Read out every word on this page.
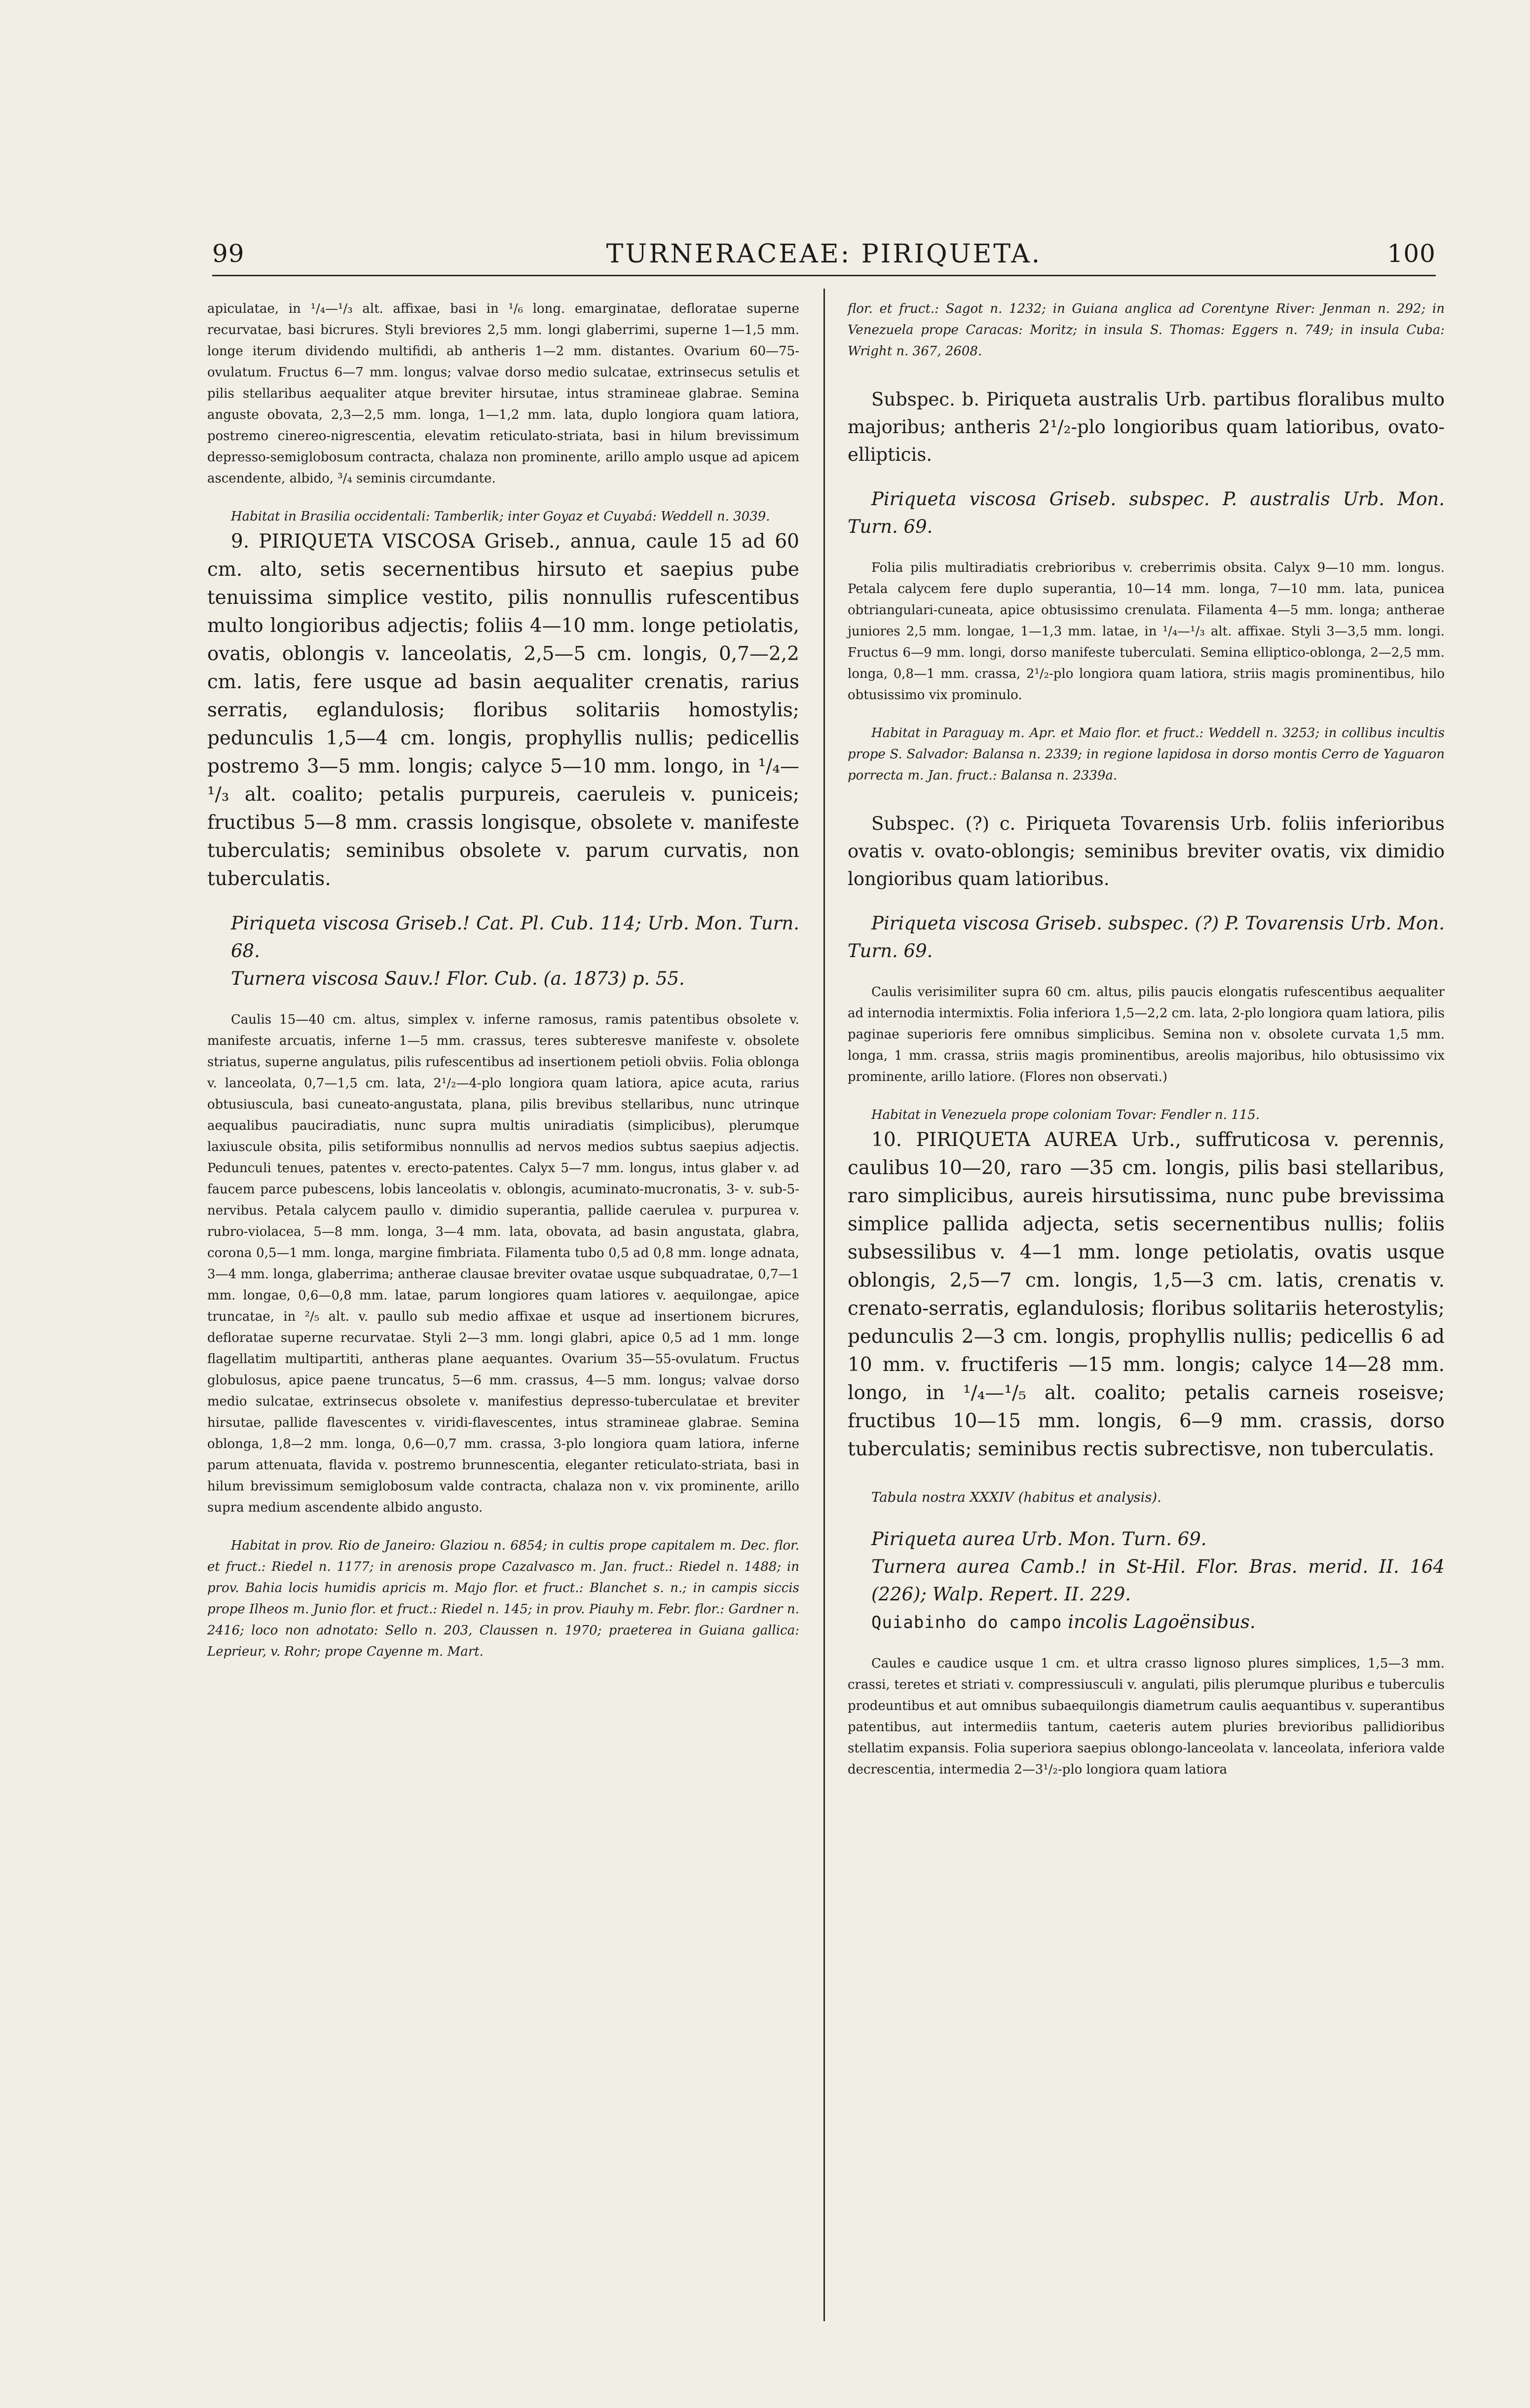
99	TURNERACEAE: PIRIQUETA.	100

apiculatae, in ¹/₄—¹/₃ alt. affixae, basi in ¹/₆ long. emarginatae, defloratae superne recurvatae, basi bicrures. Styli breviores 2,5 mm. longi glaberrimi, superne 1—1,5 mm. longe iterum dividendo multifidi, ab antheris 1—2 mm. distantes. Ovarium 60—75-ovulatum. Fructus 6—7 mm. longus; valvae dorso medio sulcatae, extrinsecus setulis et pilis stellaribus aequaliter atque breviter hirsutae, intus stramineae glabrae. Semina anguste obovata, 2,3—2,5 mm. longa, 1—1,2 mm. lata, duplo longiora quam latiora, postremo cinereo-nigrescentia, elevatim reticulato-striata, basi in hilum brevissimum depresso-semiglobosum contracta, chalaza non prominente, arillo amplo usque ad apicem ascendente, albido, ³/₄ seminis circumdante.

Habitat in Brasilia occidentali: Tamberlik; inter Goyaz et Cuyabá: Weddell n. 3039.

9. PIRIQUETA VISCOSA Griseb., annua, caule 15 ad 60 cm. alto, setis secernentibus hirsuto et saepius pube tenuissima simplice vestito, pilis nonnullis rufescentibus multo longioribus adjectis; foliis 4—10 mm. longe petiolatis, ovatis, oblongis v. lanceolatis, 2,5—5 cm. longis, 0,7—2,2 cm. latis, fere usque ad basin aequaliter crenatis, rarius serratis, eglandulosis; floribus solitariis homostylis; pedunculis 1,5—4 cm. longis, prophyllis nullis; pedicellis postremo 3—5 mm. longis; calyce 5—10 mm. longo, in ¹/₄—¹/₃ alt. coalito; petalis purpureis, caeruleis v. puniceis; fructibus 5—8 mm. crassis longisque, obsolete v. manifeste tuberculatis; seminibus obsolete v. parum curvatis, non tuberculatis.

Piriqueta viscosa Griseb.! Cat. Pl. Cub. 114; Urb. Mon. Turn. 68.

Turnera viscosa Sauv.! Flor. Cub. (a. 1873) p. 55.

Caulis 15—40 cm. altus, simplex v. inferne ramosus, ramis patentibus obsolete v. manifeste arcuatis, inferne 1—5 mm. crassus, teres subteresve manifeste v. obsolete striatus, superne angulatus, pilis rufescentibus ad insertionem petioli obviis. Folia oblonga v. lanceolata, 0,7—1,5 cm. lata, 2¹/₂—4-plo longiora quam latiora, apice acuta, rarius obtusiuscula, basi cuneato-angustata, plana, pilis brevibus stellaribus, nunc utrinque aequalibus pauciradiatis, nunc supra multis uniradiatis (simplicibus), plerumque laxiuscule obsita, pilis setiformibus nonnullis ad nervos medios subtus saepius adjectis. Pedunculi tenues, patentes v. erecto-patentes. Calyx 5—7 mm. longus, intus glaber v. ad faucem parce pubescens, lobis lanceolatis v. oblongis, acuminato-mucronatis, 3- v. sub-5-nervibus. Petala calycem paullo v. dimidio superantia, pallide caerulea v. purpurea v. rubro-violacea, 5—8 mm. longa, 3—4 mm. lata, obovata, ad basin angustata, glabra, corona 0,5—1 mm. longa, margine fimbriata. Filamenta tubo 0,5 ad 0,8 mm. longe adnata, 3—4 mm. longa, glaberrima; antherae clausae breviter ovatae usque subquadratae, 0,7—1 mm. longae, 0,6—0,8 mm. latae, parum longiores quam latiores v. aequilongae, apice truncatae, in ²/₅ alt. v. paullo sub medio affixae et usque ad insertionem bicrures, defloratae superne recurvatae. Styli 2—3 mm. longi glabri, apice 0,5 ad 1 mm. longe flagellatim multipartiti, antheras plane aequantes. Ovarium 35—55-ovulatum. Fructus globulosus, apice paene truncatus, 5—6 mm. crassus, 4—5 mm. longus; valvae dorso medio sulcatae, extrinsecus obsolete v. manifestius depresso-tuberculatae et breviter hirsutae, pallide flavescentes v. viridi-flavescentes, intus stramineae glabrae. Semina oblonga, 1,8—2 mm. longa, 0,6—0,7 mm. crassa, 3-plo longiora quam latiora, inferne parum attenuata, flavida v. postremo brunnescentia, eleganter reticulato-striata, basi in hilum brevissimum semiglobosum valde contracta, chalaza non v. vix prominente, arillo supra medium ascendente albido angusto.

Habitat in prov. Rio de Janeiro: Glaziou n. 6854; in cultis prope capitalem m. Dec. flor. et fruct.: Riedel n. 1177; in arenosis prope Cazalvasco m. Jan. fruct.: Riedel n. 1488; in prov. Bahia locis humidis apricis m. Majo flor. et fruct.: Blanchet s. n.; in campis siccis prope Ilheos m. Junio flor. et fruct.: Riedel n. 145; in prov. Piauhy m. Febr. flor.: Gardner n. 2416; loco non adnotato: Sello n. 203, Claussen n. 1970; praeterea in Guiana gallica: Leprieur, v. Rohr; prope Cayenne m. Mart.

flor. et fruct.: Sagot n. 1232; in Guiana anglica ad Corentyne River: Jenman n. 292; in Venezuela prope Caracas: Moritz; in insula S. Thomas: Eggers n. 749; in insula Cuba: Wright n. 367, 2608.

Subspec. b. Piriqueta australis Urb. partibus floralibus multo majoribus; antheris 2¹/₂-plo longioribus quam latioribus, ovato-ellipticis.

Piriqueta viscosa Griseb. subspec. P. australis Urb. Mon. Turn. 69.

Folia pilis multiradiatis crebrioribus v. creberrimis obsita. Calyx 9—10 mm. longus. Petala calycem fere duplo superantia, 10—14 mm. longa, 7—10 mm. lata, punicea obtriangulari-cuneata, apice obtusissimo crenulata. Filamenta 4—5 mm. longa; antherae juniores 2,5 mm. longae, 1—1,3 mm. latae, in ¹/₄—¹/₃ alt. affixae. Styli 3—3,5 mm. longi. Fructus 6—9 mm. longi, dorso manifeste tuberculati. Semina elliptico-oblonga, 2—2,5 mm. longa, 0,8—1 mm. crassa, 2¹/₂-plo longiora quam latiora, striis magis prominentibus, hilo obtusissimo vix prominulo.

Habitat in Paraguay m. Apr. et Maio flor. et fruct.: Weddell n. 3253; in collibus incultis prope S. Salvador: Balansa n. 2339; in regione lapidosa in dorso montis Cerro de Yaguaron porrecta m. Jan. fruct.: Balansa n. 2339a.

Subspec. (?) c. Piriqueta Tovarensis Urb. foliis inferioribus ovatis v. ovato-oblongis; seminibus breviter ovatis, vix dimidio longioribus quam latioribus.

Piriqueta viscosa Griseb. subspec. (?) P. Tovarensis Urb. Mon. Turn. 69.

Caulis verisimiliter supra 60 cm. altus, pilis paucis elongatis rufescentibus aequaliter ad internodia intermixtis. Folia inferiora 1,5—2,2 cm. lata, 2-plo longiora quam latiora, pilis paginae superioris fere omnibus simplicibus. Semina non v. obsolete curvata 1,5 mm. longa, 1 mm. crassa, striis magis prominentibus, areolis majoribus, hilo obtusissimo vix prominente, arillo latiore. (Flores non observati.)

Habitat in Venezuela prope coloniam Tovar: Fendler n. 115.

10. PIRIQUETA AUREA Urb., suffruticosa v. perennis, caulibus 10—20, raro —35 cm. longis, pilis basi stellaribus, raro simplicibus, aureis hirsutissima, nunc pube brevissima simplice pallida adjecta, setis secernentibus nullis; foliis subsessilibus v. 4—1 mm. longe petiolatis, ovatis usque oblongis, 2,5—7 cm. longis, 1,5—3 cm. latis, crenatis v. crenato-serratis, eglandulosis; floribus solitariis heterostylis; pedunculis 2—3 cm. longis, prophyllis nullis; pedicellis 6 ad 10 mm. v. fructiferis —15 mm. longis; calyce 14—28 mm. longo, in ¹/₄—¹/₅ alt. coalito; petalis carneis roseisve; fructibus 10—15 mm. longis, 6—9 mm. crassis, dorso tuberculatis; seminibus rectis subrectisve, non tuberculatis.

Tabula nostra XXXIV (habitus et analysis).

Piriqueta aurea Urb. Mon. Turn. 69.

Turnera aurea Camb.! in St-Hil. Flor. Bras. merid. II. 164 (226); Walp. Repert. II. 229.

Quiabinho do campo incolis Lagoënsibus.

Caules e caudice usque 1 cm. et ultra crasso lignoso plures simplices, 1,5—3 mm. crassi, teretes et striati v. compressiusculi v. angulati, pilis plerumque pluribus e tuberculis prodeuntibus et aut omnibus subaequilongis diametrum caulis aequantibus v. superantibus patentibus, aut intermediis tantum, caeteris autem pluries brevioribus pallidioribus stellatim expansis. Folia superiora saepius oblongo-lanceolata v. lanceolata, inferiora valde decrescentia, intermedia 2—3¹/₂-plo longiora quam latiora
